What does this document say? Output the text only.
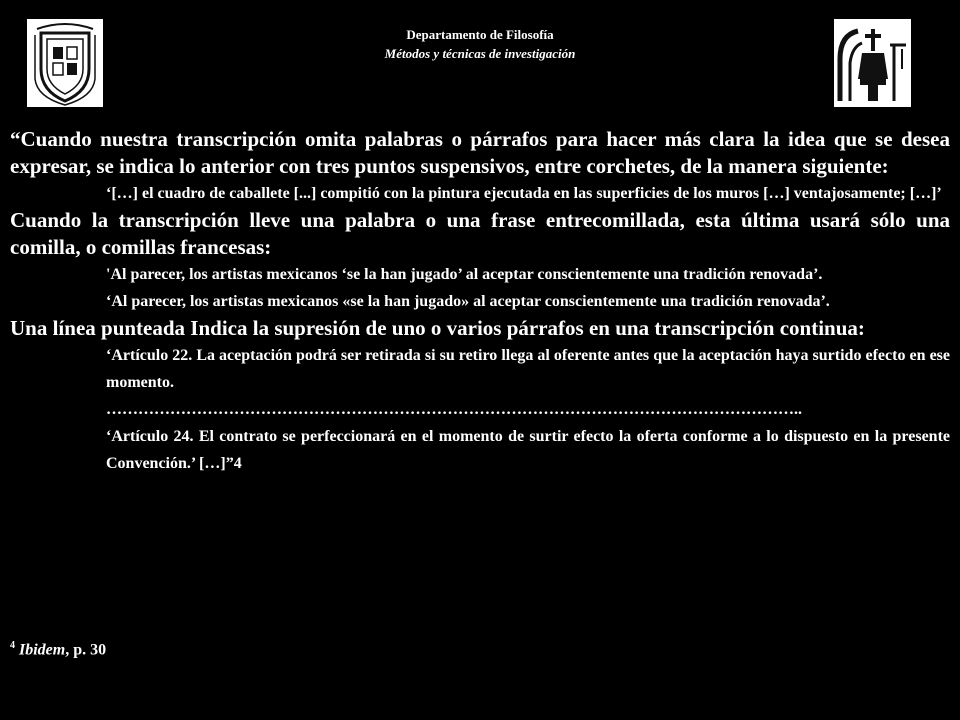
Departamento de Filosofía
Métodos y técnicas de investigación

“Cuando nuestra transcripción omita palabras o párrafos para hacer más clara la idea que se desea expresar, se indica lo anterior con tres puntos suspensivos, entre corchetes, de la manera siguiente:

‘[…] el cuadro de caballete [...] compitió con la pintura ejecutada en las superficies de los muros […] ventajosamente; […]’

Cuando la transcripción lleve una palabra o una frase entrecomillada, esta última usará sólo una comilla, o comillas francesas:

'Al parecer, los artistas mexicanos ‘se la han jugado’ al aceptar conscientemente una tradición renovada’.

‘Al parecer, los artistas mexicanos «se la han jugado» al aceptar conscientemente una tradición renovada’.

Una línea punteada Indica la supresión de uno o varios párrafos en una transcripción continua:

‘Artículo 22. La aceptación podrá ser retirada si su retiro llega al oferente antes que la aceptación haya surtido efecto en ese momento.

…………………………………………………………………………………………………………………..

‘Artículo 24. El contrato se perfeccionará en el momento de surtir efecto la oferta conforme a lo dispuesto en la presente Convención.’ […]”4

$^4$ Ibidem, p. 30
